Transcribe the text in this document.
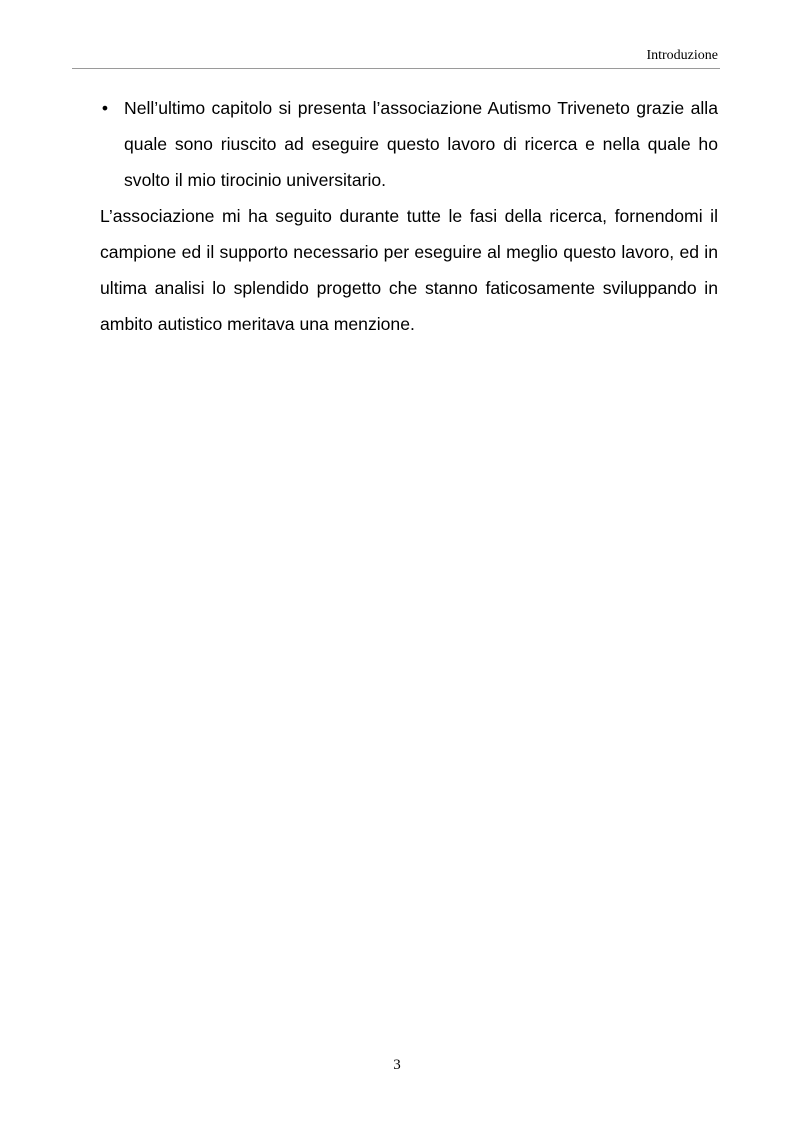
Introduzione
• Nell’ultimo capitolo si presenta l’associazione Autismo Triveneto grazie alla quale sono riuscito ad eseguire questo lavoro di ricerca e nella quale ho svolto il mio tirocinio universitario.
L’associazione mi ha seguito durante tutte le fasi della ricerca, fornendomi il campione ed il supporto necessario per eseguire al meglio questo lavoro, ed in ultima analisi lo splendido progetto che stanno faticosamente sviluppando in ambito autistico meritava una menzione.
3
